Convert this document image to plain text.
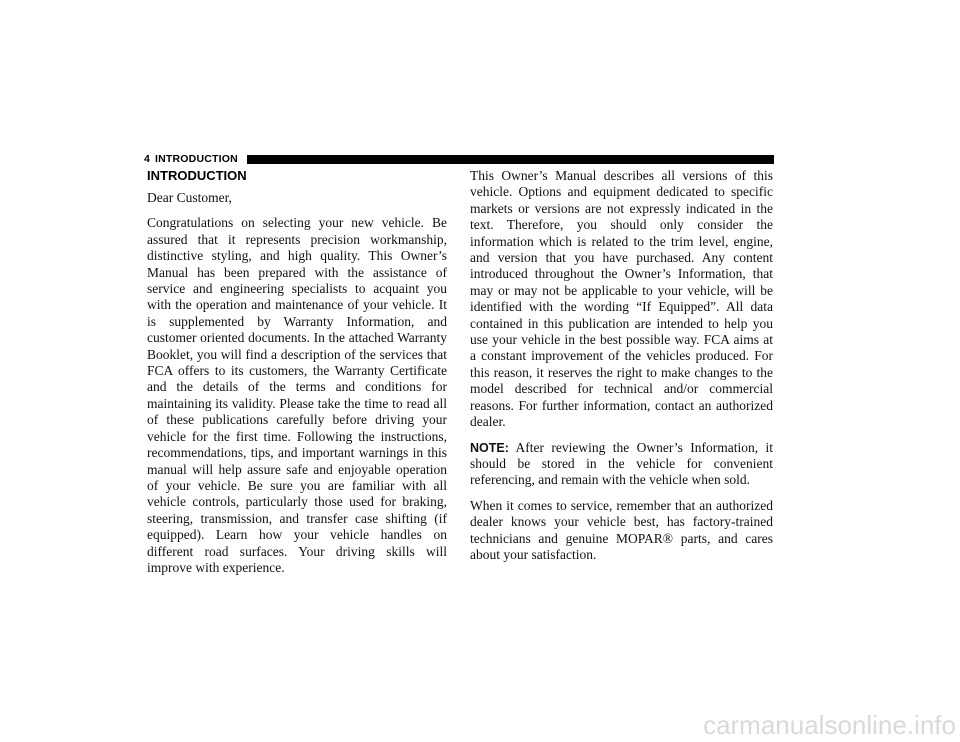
4 INTRODUCTION
INTRODUCTION

Dear Customer,

Congratulations on selecting your new vehicle. Be assured that it represents precision workmanship, distinctive styling, and high quality. This Owner’s Manual has been prepared with the assistance of service and engineering specialists to acquaint you with the operation and maintenance of your vehicle. It is supplemented by Warranty Information, and customer oriented documents. In the attached Warranty Booklet, you will find a description of the services that FCA offers to its customers, the Warranty Certificate and the details of the terms and conditions for maintaining its validity. Please take the time to read all of these publications carefully before driving your vehicle for the first time. Following the instructions, recommendations, tips, and important warnings in this manual will help assure safe and enjoyable operation of your vehicle. Be sure you are familiar with all vehicle controls, particularly those used for braking, steering, transmission, and transfer case shifting (if equipped). Learn how your vehicle handles on different road surfaces. Your driving skills will improve with experience.

This Owner’s Manual describes all versions of this vehicle. Options and equipment dedicated to specific markets or versions are not expressly indicated in the text. Therefore, you should only consider the information which is related to the trim level, engine, and version that you have purchased. Any content introduced throughout the Owner’s Information, that may or may not be applicable to your vehicle, will be identified with the wording “If Equipped”. All data contained in this publication are intended to help you use your vehicle in the best possible way. FCA aims at a constant improvement of the vehicles produced. For this reason, it reserves the right to make changes to the model described for technical and/or commercial reasons. For further information, contact an authorized dealer.

NOTE: After reviewing the Owner’s Information, it should be stored in the vehicle for convenient referencing, and remain with the vehicle when sold.

When it comes to service, remember that an authorized dealer knows your vehicle best, has factory-trained technicians and genuine MOPAR® parts, and cares about your satisfaction.

carmanualsonline.info
